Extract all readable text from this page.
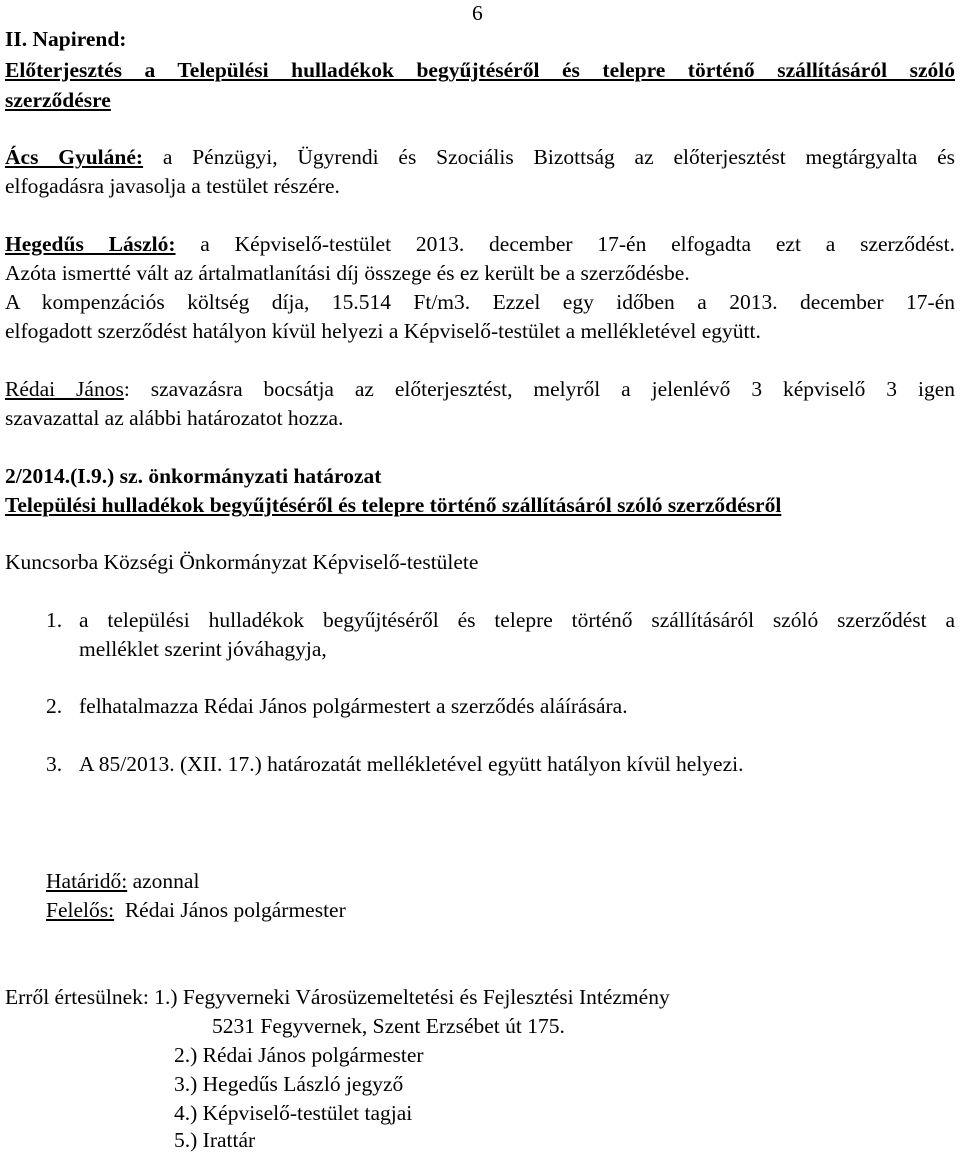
6
II. Napirend:
Előterjesztés a Települési hulladékok begyűjtéséről és telepre történő szállításáról szóló
szerződésre
Ács Gyuláné: a Pénzügyi, Ügyrendi és Szociális Bizottság az előterjesztést megtárgyalta és
elfogadásra javasolja a testület részére.
Hegedűs László: a Képviselő-testület 2013. december 17-én elfogadta ezt a szerződést.
Azóta ismertté vált az ártalmatlanítási díj összege és ez került be a szerződésbe.
A kompenzációs költség díja, 15.514 Ft/m3. Ezzel egy időben a 2013. december 17-én
elfogadott szerződést hatályon kívül helyezi a Képviselő-testület a mellékletével együtt.
Rédai János: szavazásra bocsátja az előterjesztést, melyről a jelenlévő 3 képviselő 3 igen
szavazattal az alábbi határozatot hozza.
2/2014.(I.9.) sz. önkormányzati határozat
Települési hulladékok begyűjtéséről és telepre történő szállításáról szóló szerződésről
Kuncsorba Községi Önkormányzat Képviselő-testülete
1. a települési hulladékok begyűjtéséről és telepre történő szállításáról szóló szerződést a
melléklet szerint jóváhagyja,
2. felhatalmazza Rédai János polgármestert a szerződés aláírására.
3. A 85/2013. (XII. 17.) határozatát mellékletével együtt hatályon kívül helyezi.
Határidő: azonnal
Felelős:  Rédai János polgármester
Erről értesülnek: 1.) Fegyverneki Városüzemeltetési és Fejlesztési Intézmény
5231 Fegyvernek, Szent Erzsébet út 175.
2.) Rédai János polgármester
3.) Hegedűs László jegyző
4.) Képviselő-testület tagjai
5.) Irattár
